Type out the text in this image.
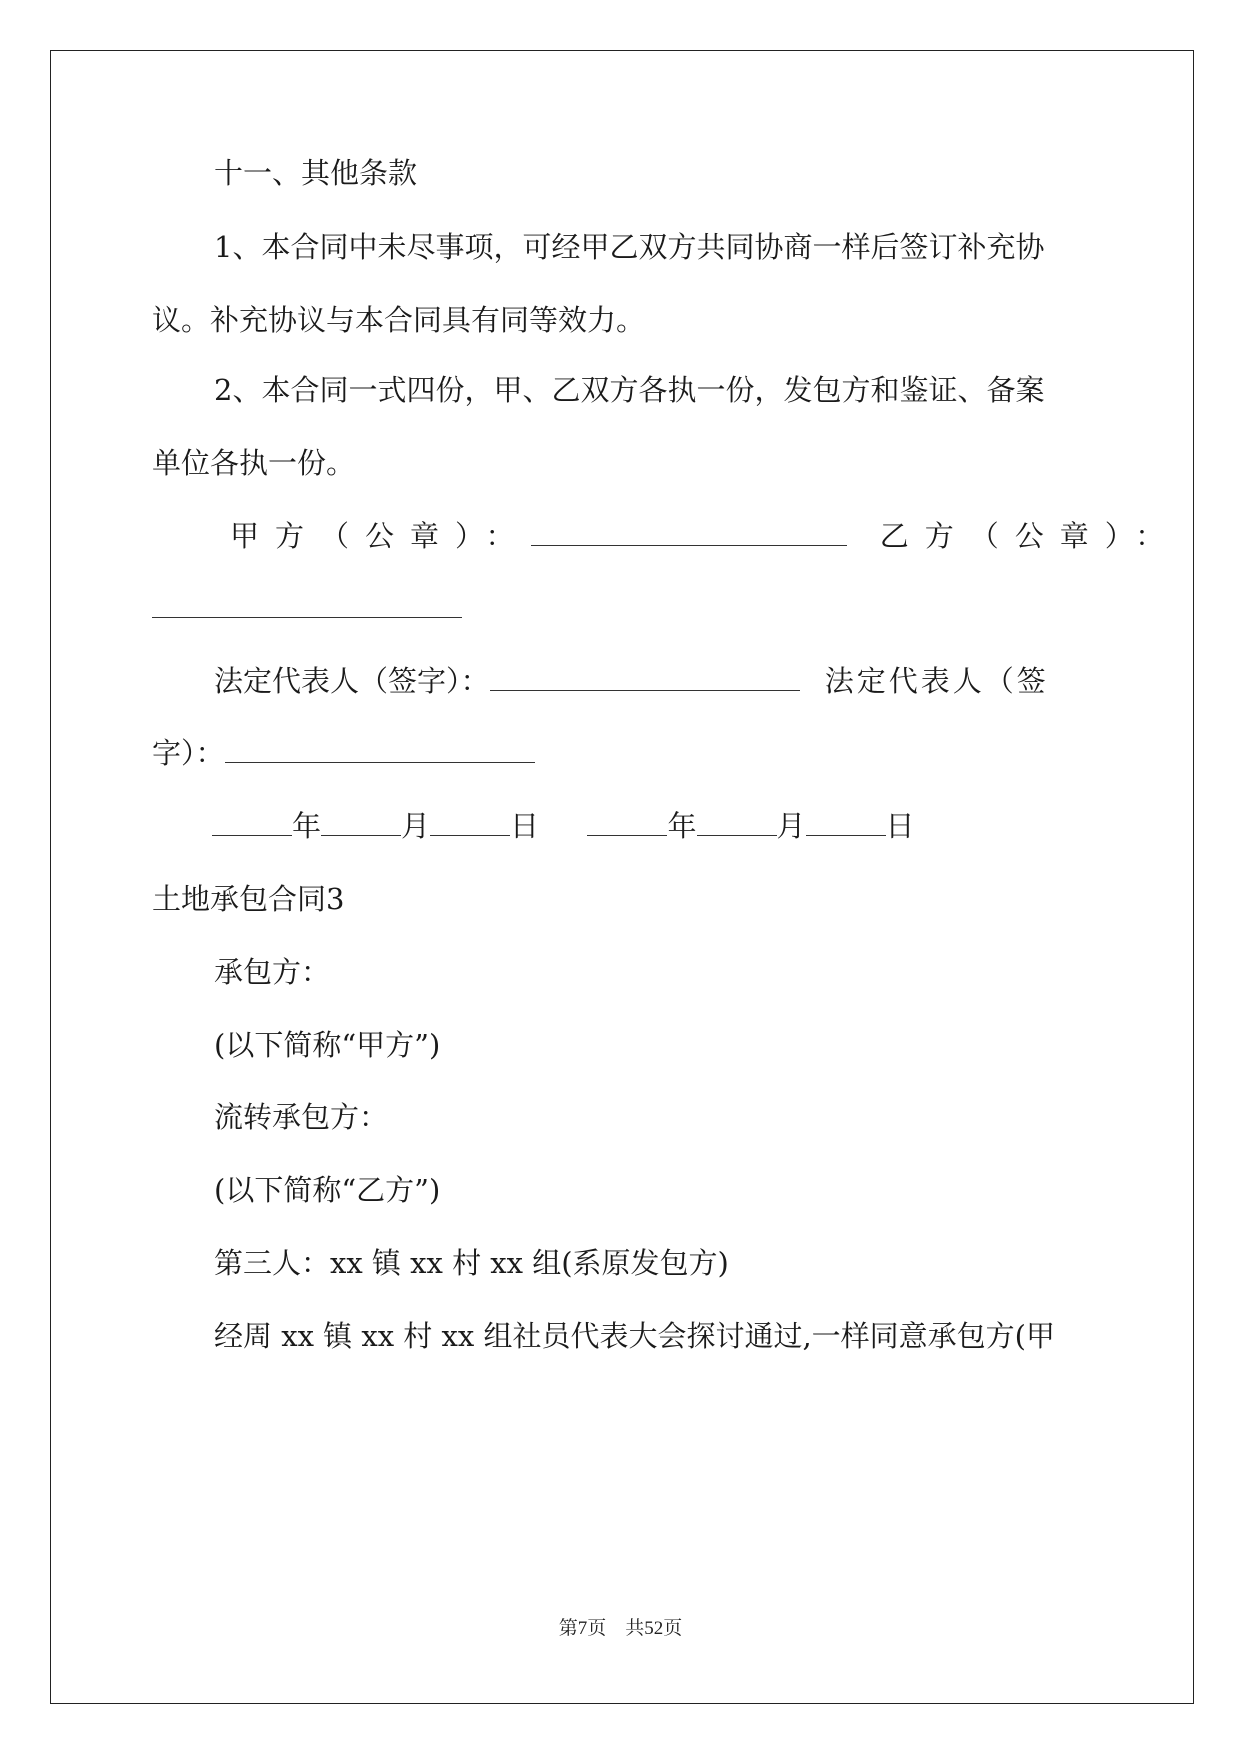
十一、其他条款
1、本合同中未尽事项，可经甲乙双方共同协商一样后签订补充协
议。补充协议与本合同具有同等效力。
2、本合同一式四份，甲、乙双方各执一份，发包方和鉴证、备案
单位各执一份。
甲方（公章）：	乙方（公章）：
法定代表人（签字）：	法定代表人（签
字）：
年	月	日	年	月	日
土地承包合同3
承包方：
(以下简称“甲方”)
流转承包方：
(以下简称“乙方”)
第三人：xx 镇 xx 村 xx 组(系原发包方)
经周 xx 镇 xx 村 xx 组社员代表大会探讨通过,一样同意承包方(甲
第7页　共52页
